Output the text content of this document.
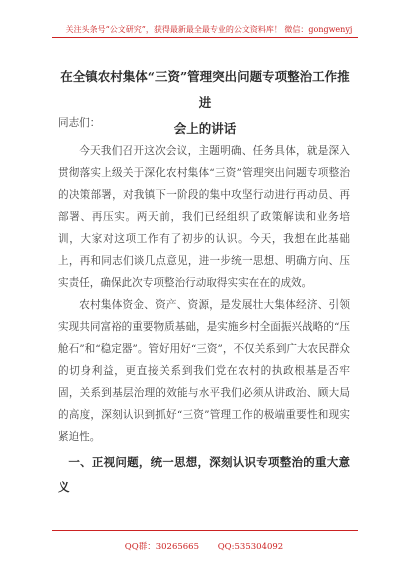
关注头条号“公文研究”，获得最新最全最专业的公文资料库！ 微信：gongwenyj
在全镇农村集体“三资”管理突出问题专项整治工作推进
会上的讲话

同志们：

今天我们召开这次会议，主题明确、任务具体，就是深入贯彻落实上级关于深化农村集体“三资”管理突出问题专项整治的决策部署，对我镇下一阶段的集中攻坚行动进行再动员、再部署、再压实。两天前，我们已经组织了政策解读和业务培训，大家对这项工作有了初步的认识。今天，我想在此基础上，再和同志们谈几点意见，进一步统一思想、明确方向、压实责任，确保此次专项整治行动取得实实在在的成效。

农村集体资金、资产、资源，是发展壮大集体经济、引领实现共同富裕的重要物质基础，是实施乡村全面振兴战略的“压舱石”和“稳定器”。管好用好“三资”，不仅关系到广大农民群众的切身利益，更直接关系到我们党在农村的执政根基是否牢固，关系到基层治理的效能与水平我们必须从讲政治、顾大局的高度，深刻认识到抓好“三资”管理工作的极端重要性和现实紧迫性。

一、正视问题，统一思想，深刻认识专项整治的重大意义

QQ群：30265665 QQ:535304092
